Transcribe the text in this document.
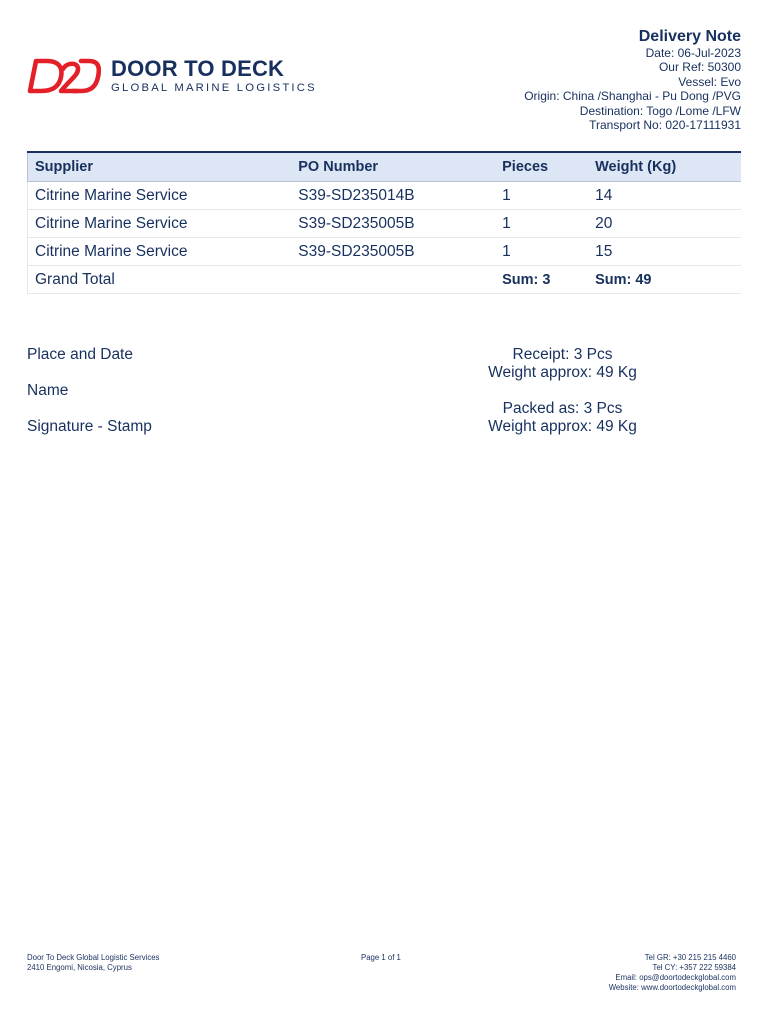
DOOR TO DECK
GLOBAL MARINE LOGISTICS
Delivery Note
Date: 06-Jul-2023
Our Ref: 50300
Vessel: Evo
Origin: China /Shanghai - Pu Dong /PVG
Destination: Togo /Lome /LFW
Transport No: 020-17111931
Supplier	PO Number	Pieces	Weight (Kg)
Citrine Marine Service	S39-SD235014B	1	14
Citrine Marine Service	S39-SD235005B	1	20
Citrine Marine Service	S39-SD235005B	1	15
Grand Total		Sum: 3	Sum: 49
Place and Date
Name
Signature - Stamp
Receipt: 3 Pcs
Weight approx: 49 Kg
Packed as: 3 Pcs
Weight approx: 49 Kg
Door To Deck Global Logistic Services
2410 Engomi, Nicosia, Cyprus
Page 1 of 1	Tel GR: +30 215 215 4460
Tel CY: +357 222 59384
Email: ops@doortodeckglobal.com
Website: www.doortodeckglobal.com
